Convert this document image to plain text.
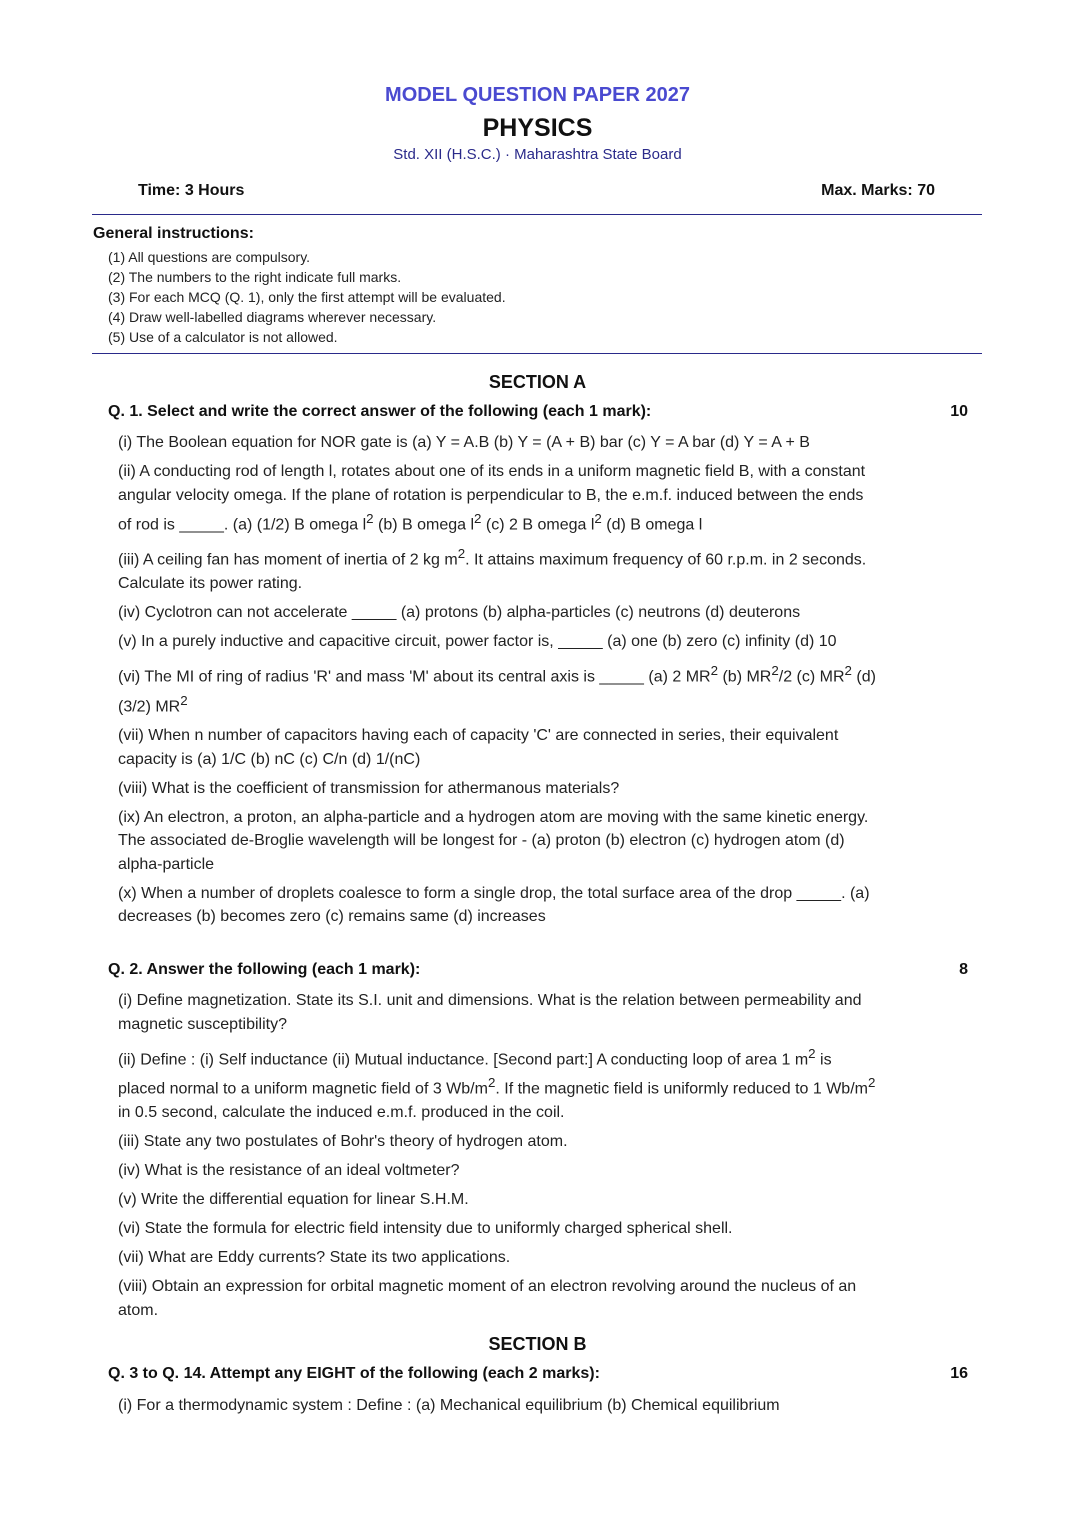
MODEL QUESTION PAPER 2027
PHYSICS
Std. XII (H.S.C.) · Maharashtra State Board
Time: 3 Hours	Max. Marks: 70
General instructions:
(1) All questions are compulsory.
(2) The numbers to the right indicate full marks.
(3) For each MCQ (Q. 1), only the first attempt will be evaluated.
(4) Draw well-labelled diagrams wherever necessary.
(5) Use of a calculator is not allowed.
SECTION A
Q. 1. Select and write the correct answer of the following (each 1 mark):	10
(i) The Boolean equation for NOR gate is (a) Y = A.B (b) Y = (A + B) bar (c) Y = A bar (d) Y = A + B
(ii) A conducting rod of length l, rotates about one of its ends in a uniform magnetic field B, with a constant angular velocity omega. If the plane of rotation is perpendicular to B, the e.m.f. induced between the ends of rod is _____. (a) (1/2) B omega $l^2$ (b) B omega $l^2$ (c) 2 B omega $l^2$ (d) B omega l
(iii) A ceiling fan has moment of inertia of 2 kg $m^2$. It attains maximum frequency of 60 r.p.m. in 2 seconds. Calculate its power rating.
(iv) Cyclotron can not accelerate _____ (a) protons (b) alpha-particles (c) neutrons (d) deuterons
(v) In a purely inductive and capacitive circuit, power factor is, _____ (a) one (b) zero (c) infinity (d) 10
(vi) The MI of ring of radius 'R' and mass 'M' about its central axis is _____ (a) 2 $MR^2$ (b) $MR^2/2$ (c) $MR^2$ (d) (3/2) $MR^2$
(vii) When n number of capacitors having each of capacity 'C' are connected in series, their equivalent capacity is (a) 1/C (b) nC (c) C/n (d) 1/(nC)
(viii) What is the coefficient of transmission for athermanous materials?
(ix) An electron, a proton, an alpha-particle and a hydrogen atom are moving with the same kinetic energy. The associated de-Broglie wavelength will be longest for - (a) proton (b) electron (c) hydrogen atom (d) alpha-particle
(x) When a number of droplets coalesce to form a single drop, the total surface area of the drop _____. (a) decreases (b) becomes zero (c) remains same (d) increases
Q. 2. Answer the following (each 1 mark):	8
(i) Define magnetization. State its S.I. unit and dimensions. What is the relation between permeability and magnetic susceptibility?
(ii) Define : (i) Self inductance (ii) Mutual inductance. [Second part:] A conducting loop of area 1 $m^2$ is placed normal to a uniform magnetic field of 3 $Wb/m^2$. If the magnetic field is uniformly reduced to 1 $Wb/m^2$ in 0.5 second, calculate the induced e.m.f. produced in the coil.
(iii) State any two postulates of Bohr's theory of hydrogen atom.
(iv) What is the resistance of an ideal voltmeter?
(v) Write the differential equation for linear S.H.M.
(vi) State the formula for electric field intensity due to uniformly charged spherical shell.
(vii) What are Eddy currents? State its two applications.
(viii) Obtain an expression for orbital magnetic moment of an electron revolving around the nucleus of an atom.
SECTION B
Q. 3 to Q. 14. Attempt any EIGHT of the following (each 2 marks):	16
(i) For a thermodynamic system : Define : (a) Mechanical equilibrium (b) Chemical equilibrium
